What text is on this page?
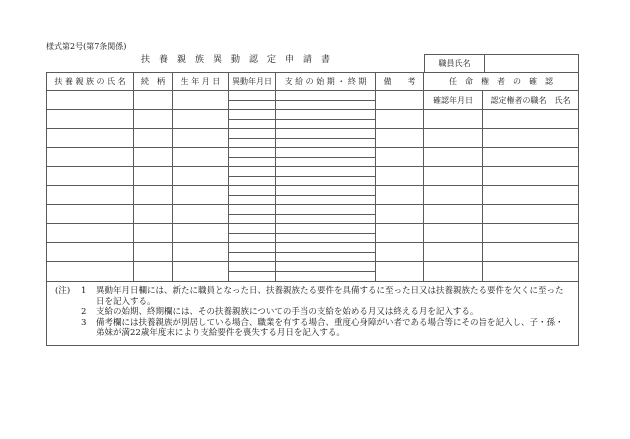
様式第2号(第7条関係)
扶　養　親　族　異　動　認　定　申　請　書	職員氏名
扶 養 親 族 の 氏 名	続　柄	生 年 月 日	異動年月日	支 給 の 始 期 ・ 終 期	備　　考	任　命　権　者　の　確　認
確認年月日	認定権者の職名　氏名
(注)	1	異動年月日欄には、新たに職員となった日、扶養親族たる要件を具備するに至った日又は扶養親族たる要件を欠くに至った日を記入する。
2	支給の始期、終期欄には、その扶養親族についての手当の支給を始める月又は終える月を記入する。
3	備考欄には扶養親族が別居している場合、職業を有する場合、重度心身障がい者である場合等にその旨を記入し、子・孫・弟妹が満22歳年度末により支給要件を喪失する月日を記入する。
